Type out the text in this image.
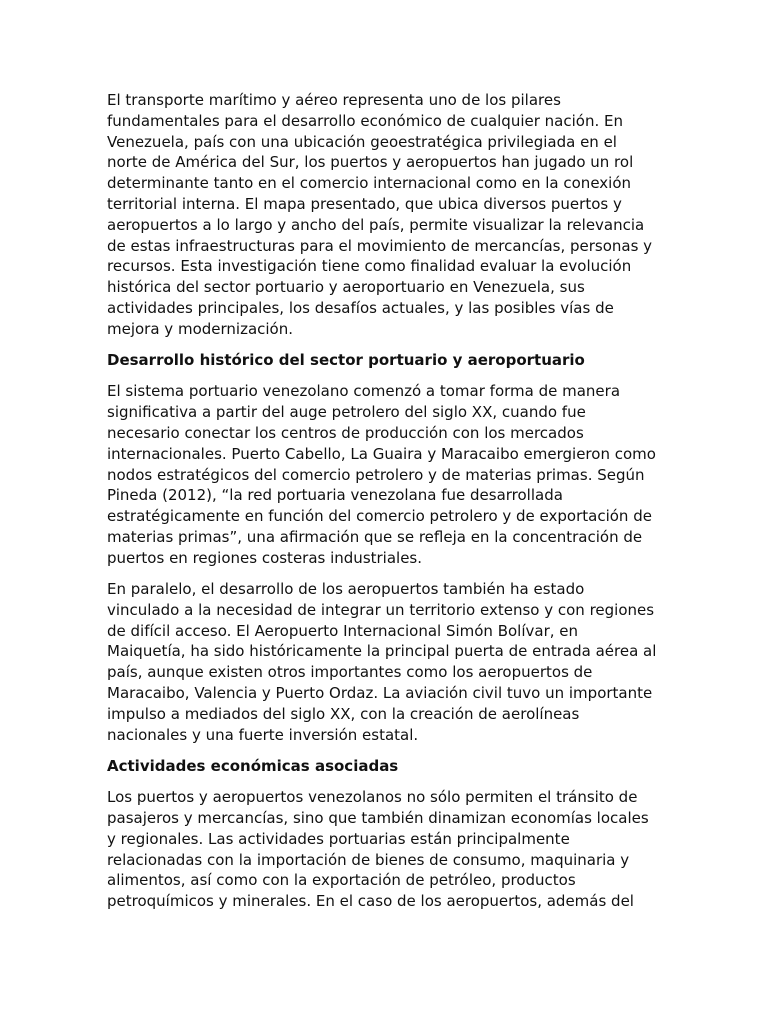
El transporte marítimo y aéreo representa uno de los pilares
fundamentales para el desarrollo económico de cualquier nación. En
Venezuela, país con una ubicación geoestratégica privilegiada en el
norte de América del Sur, los puertos y aeropuertos han jugado un rol
determinante tanto en el comercio internacional como en la conexión
territorial interna. El mapa presentado, que ubica diversos puertos y
aeropuertos a lo largo y ancho del país, permite visualizar la relevancia
de estas infraestructuras para el movimiento de mercancías, personas y
recursos. Esta investigación tiene como finalidad evaluar la evolución
histórica del sector portuario y aeroportuario en Venezuela, sus
actividades principales, los desafíos actuales, y las posibles vías de
mejora y modernización.

Desarrollo histórico del sector portuario y aeroportuario

El sistema portuario venezolano comenzó a tomar forma de manera
significativa a partir del auge petrolero del siglo XX, cuando fue
necesario conectar los centros de producción con los mercados
internacionales. Puerto Cabello, La Guaira y Maracaibo emergieron como
nodos estratégicos del comercio petrolero y de materias primas. Según
Pineda (2012), “la red portuaria venezolana fue desarrollada
estratégicamente en función del comercio petrolero y de exportación de
materias primas”, una afirmación que se refleja en la concentración de
puertos en regiones costeras industriales.

En paralelo, el desarrollo de los aeropuertos también ha estado
vinculado a la necesidad de integrar un territorio extenso y con regiones
de difícil acceso. El Aeropuerto Internacional Simón Bolívar, en
Maiquetía, ha sido históricamente la principal puerta de entrada aérea al
país, aunque existen otros importantes como los aeropuertos de
Maracaibo, Valencia y Puerto Ordaz. La aviación civil tuvo un importante
impulso a mediados del siglo XX, con la creación de aerolíneas
nacionales y una fuerte inversión estatal.

Actividades económicas asociadas

Los puertos y aeropuertos venezolanos no sólo permiten el tránsito de
pasajeros y mercancías, sino que también dinamizan economías locales
y regionales. Las actividades portuarias están principalmente
relacionadas con la importación de bienes de consumo, maquinaria y
alimentos, así como con la exportación de petróleo, productos
petroquímicos y minerales. En el caso de los aeropuertos, además del
